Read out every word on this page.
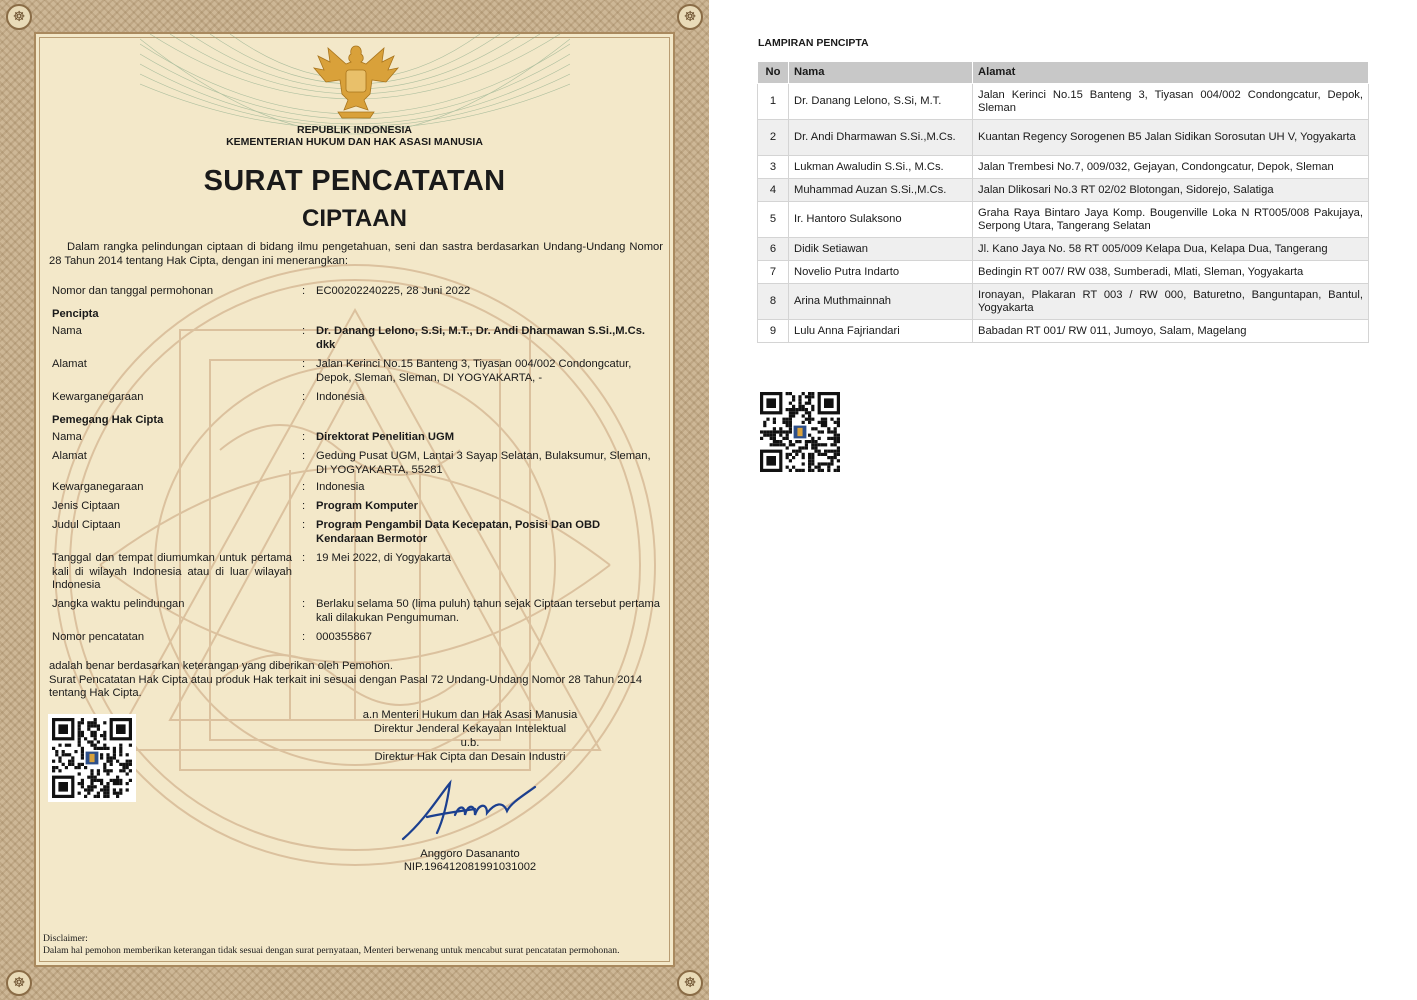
☸	☸
☸	☸
REPUBLIK INDONESIA
KEMENTERIAN HUKUM DAN HAK ASASI MANUSIA
SURAT PENCATATAN
CIPTAAN
Dalam rangka pelindungan ciptaan di bidang ilmu pengetahuan, seni dan sastra berdasarkan Undang-Undang Nomor 28 Tahun 2014 tentang Hak Cipta, dengan ini menerangkan:
Nomor dan tanggal permohonan	: EC00202240225, 28 Juni 2022
Pencipta
Nama	: Dr. Danang Lelono, S.Si, M.T., Dr. Andi Dharmawan S.Si.,M.Cs. dkk
Alamat	: Jalan Kerinci No.15 Banteng 3, Tiyasan 004/002 Condongcatur, Depok, Sleman, Sleman, DI YOGYAKARTA, -
Kewarganegaraan	: Indonesia
Pemegang Hak Cipta
Nama	: Direktorat Penelitian UGM
Alamat	: Gedung Pusat UGM, Lantai 3 Sayap Selatan, Bulaksumur, Sleman, DI YOGYAKARTA, 55281
Kewarganegaraan	: Indonesia
Jenis Ciptaan	: Program Komputer
Judul Ciptaan	: Program Pengambil Data Kecepatan, Posisi Dan OBD Kendaraan Bermotor
Tanggal dan tempat diumumkan untuk pertama kali di wilayah Indonesia atau di luar wilayah Indonesia
: 19 Mei 2022, di Yogyakarta
Jangka waktu pelindungan	: Berlaku selama 50 (lima puluh) tahun sejak Ciptaan tersebut pertama kali dilakukan Pengumuman.
Nomor pencatatan	: 000355867
adalah benar berdasarkan keterangan yang diberikan oleh Pemohon.
Surat Pencatatan Hak Cipta atau produk Hak terkait ini sesuai dengan Pasal 72 Undang-Undang Nomor 28 Tahun 2014 tentang Hak Cipta.
a.n Menteri Hukum dan Hak Asasi Manusia
Direktur Jenderal Kekayaan Intelektual
u.b.
Direktur Hak Cipta dan Desain Industri
Anggoro Dasananto
NIP.196412081991031002
Disclaimer:
Dalam hal pemohon memberikan keterangan tidak sesuai dengan surat pernyataan, Menteri berwenang untuk mencabut surat pencatatan permohonan.
LAMPIRAN PENCIPTA
No	Nama	Alamat
1	Dr. Danang Lelono, S.Si, M.T.	Jalan Kerinci No.15 Banteng 3, Tiyasan 004/002 Condongcatur, Depok, Sleman
2	Dr. Andi Dharmawan S.Si.,M.Cs.	Kuantan Regency Sorogenen B5 Jalan Sidikan Sorosutan UH V, Yogyakarta
3	Lukman Awaludin S.Si., M.Cs.	Jalan Trembesi No.7, 009/032, Gejayan, Condongcatur, Depok, Sleman
4	Muhammad Auzan S.Si.,M.Cs.	Jalan Dlikosari No.3 RT 02/02 Blotongan, Sidorejo, Salatiga
5	Ir. Hantoro Sulaksono	Graha Raya Bintaro Jaya Komp. Bougenville Loka N RT005/008 Pakujaya, Serpong Utara, Tangerang Selatan
6	Didik Setiawan	Jl. Kano Jaya No. 58 RT 005/009 Kelapa Dua, Kelapa Dua, Tangerang
7	Novelio Putra Indarto	Bedingin RT 007/ RW 038, Sumberadi, Mlati, Sleman, Yogyakarta
8	Arina Muthmainnah	Ironayan, Plakaran RT 003 / RW 000, Baturetno, Banguntapan, Bantul, Yogyakarta
9	Lulu Anna Fajriandari	Babadan RT 001/ RW 011, Jumoyo, Salam, Magelang
